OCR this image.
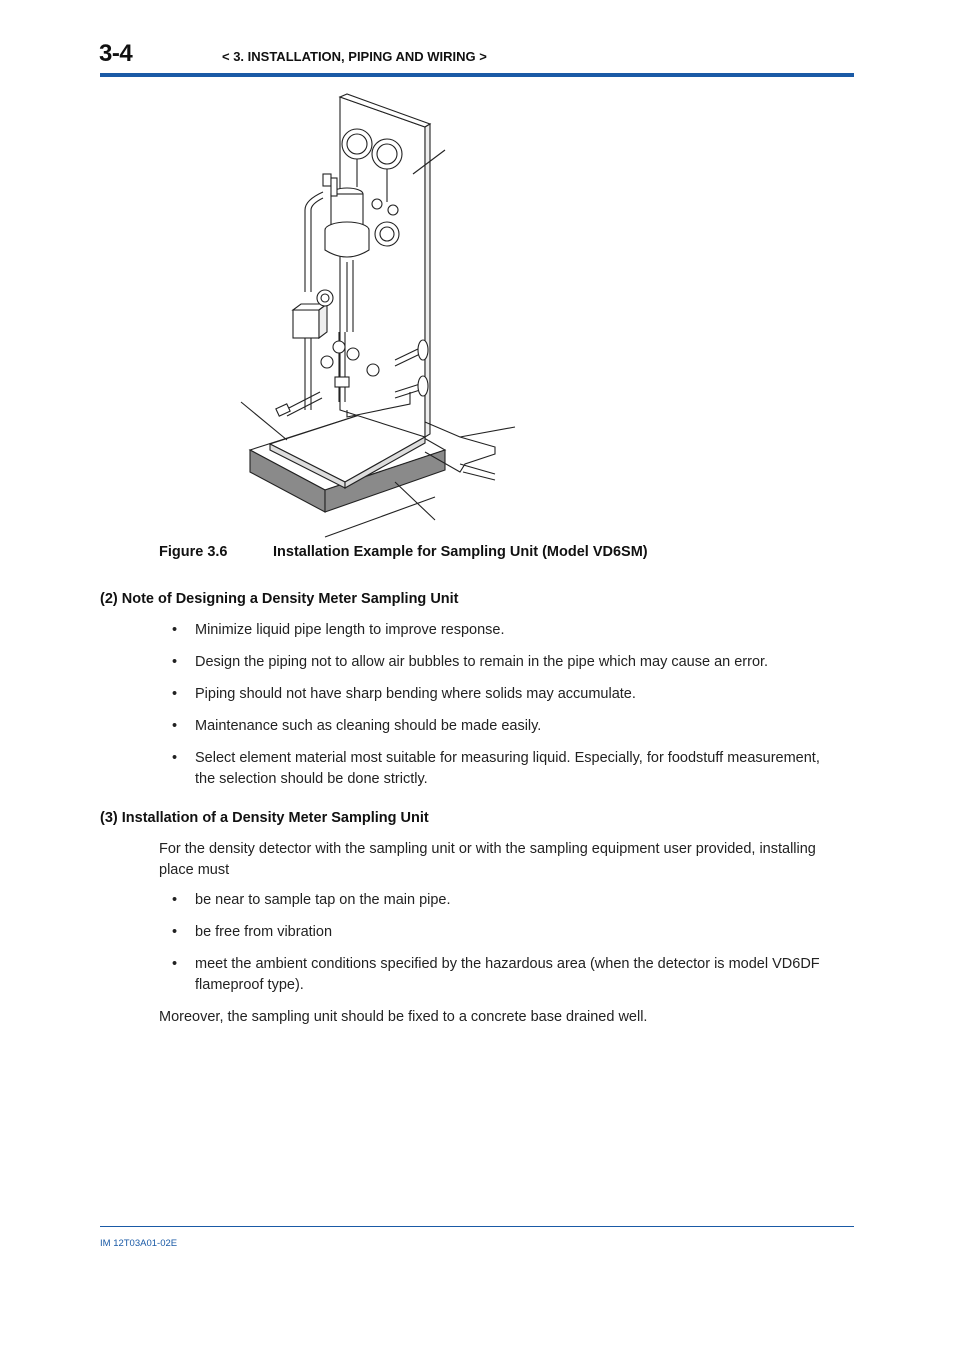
3-4	< 3. INSTALLATION, PIPING AND WIRING >
Figure 3.6	Installation Example for Sampling Unit (Model VD6SM)
(2) Note of Designing a Density Meter Sampling Unit
• Minimize liquid pipe length to improve response.
• Design the piping not to allow air bubbles to remain in the pipe which may cause an error.
• Piping should not have sharp bending where solids may accumulate.
• Maintenance such as cleaning should be made easily.
• Select element material most suitable for measuring liquid. Especially, for foodstuff measurement, the selection should be done strictly.
(3) Installation of a Density Meter Sampling Unit
For the density detector with the sampling unit or with the sampling equipment user provided, installing place must
• be near to sample tap on the main pipe.
• be free from vibration
• meet the ambient conditions specified by the hazardous area (when the detector is model VD6DF flameproof type).
Moreover, the sampling unit should be fixed to a concrete base drained well.
IM 12T03A01-02E
